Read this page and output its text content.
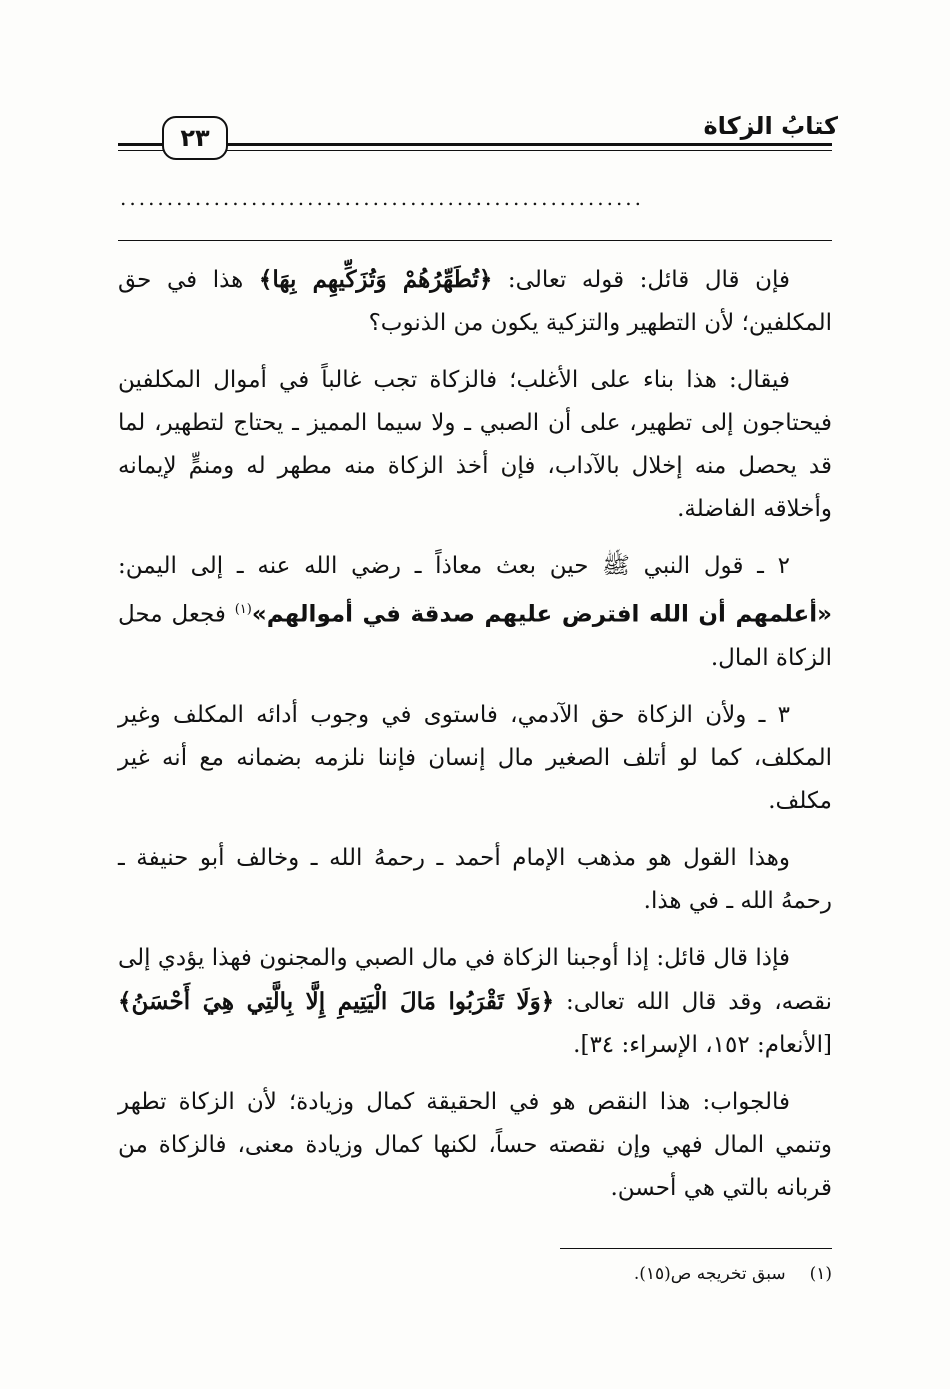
كتابُ الزكاة
٢٣
........................................................

فإن قال قائل: قوله تعالى: ﴿تُطَهِّرُهُمْ وَتُزَكِّيهِم بِهَا﴾ هذا في حق المكلفين؛ لأن التطهير والتزكية يكون من الذنوب؟

فيقال: هذا بناء على الأغلب؛ فالزكاة تجب غالباً في أموال المكلفين فيحتاجون إلى تطهير، على أن الصبي ـ ولا سيما المميز ـ يحتاج لتطهير، لما قد يحصل منه إخلال بالآداب، فإن أخذ الزكاة منه مطهر له ومنمٍّ لإيمانه وأخلاقه الفاضلة.

٢ ـ قول النبي ﷺ حين بعث معاذاً ـ رضي الله عنه ـ إلى اليمن: «أعلمهم أن الله افترض عليهم صدقة في أموالهم»$^{(١)}$ فجعل محل الزكاة المال.

٣ ـ ولأن الزكاة حق الآدمي، فاستوى في وجوب أدائه المكلف وغير المكلف، كما لو أتلف الصغير مال إنسان فإننا نلزمه بضمانه مع أنه غير مكلف.

وهذا القول هو مذهب الإمام أحمد ـ رحمهُ الله ـ وخالف أبو حنيفة ـ رحمهُ الله ـ في هذا.

فإذا قال قائل: إذا أوجبنا الزكاة في مال الصبي والمجنون فهذا يؤدي إلى نقصه، وقد قال الله تعالى: ﴿وَلَا تَقْرَبُوا مَالَ الْيَتِيمِ إِلَّا بِالَّتِي هِيَ أَحْسَنُ﴾ [الأنعام: ١٥٢، الإسراء: ٣٤].

فالجواب: هذا النقص هو في الحقيقة كمال وزيادة؛ لأن الزكاة تطهر وتنمي المال فهي وإن نقصته حساً، لكنها كمال وزيادة معنى، فالزكاة من قربانه بالتي هي أحسن.

(١)سبق تخريجه ص(١٥).
